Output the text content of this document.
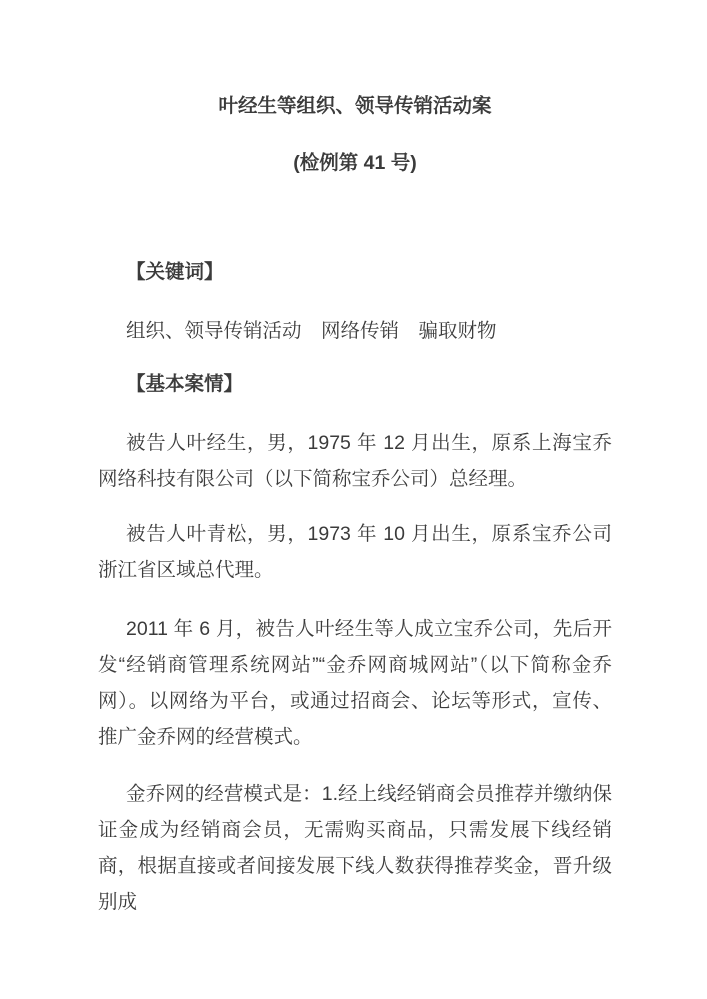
叶经生等组织、领导传销活动案
(检例第 41 号)
【关键词】

组织、领导传销活动　网络传销　骗取财物

【基本案情】

被告人叶经生，男，1975 年 12 月出生，原系上海宝乔网络科技有限公司（以下简称宝乔公司）总经理。

被告人叶青松，男，1973 年 10 月出生，原系宝乔公司浙江省区域总代理。

2011 年 6 月，被告人叶经生等人成立宝乔公司，先后开发“经销商管理系统网站”“金乔网商城网站”（以下简称金乔网）。以网络为平台，或通过招商会、论坛等形式，宣传、推广金乔网的经营模式。

金乔网的经营模式是：1.经上线经销商会员推荐并缴纳保证金成为经销商会员，无需购买商品，只需发展下线经销商，根据直接或者间接发展下线人数获得推荐奖金，晋升级别成
